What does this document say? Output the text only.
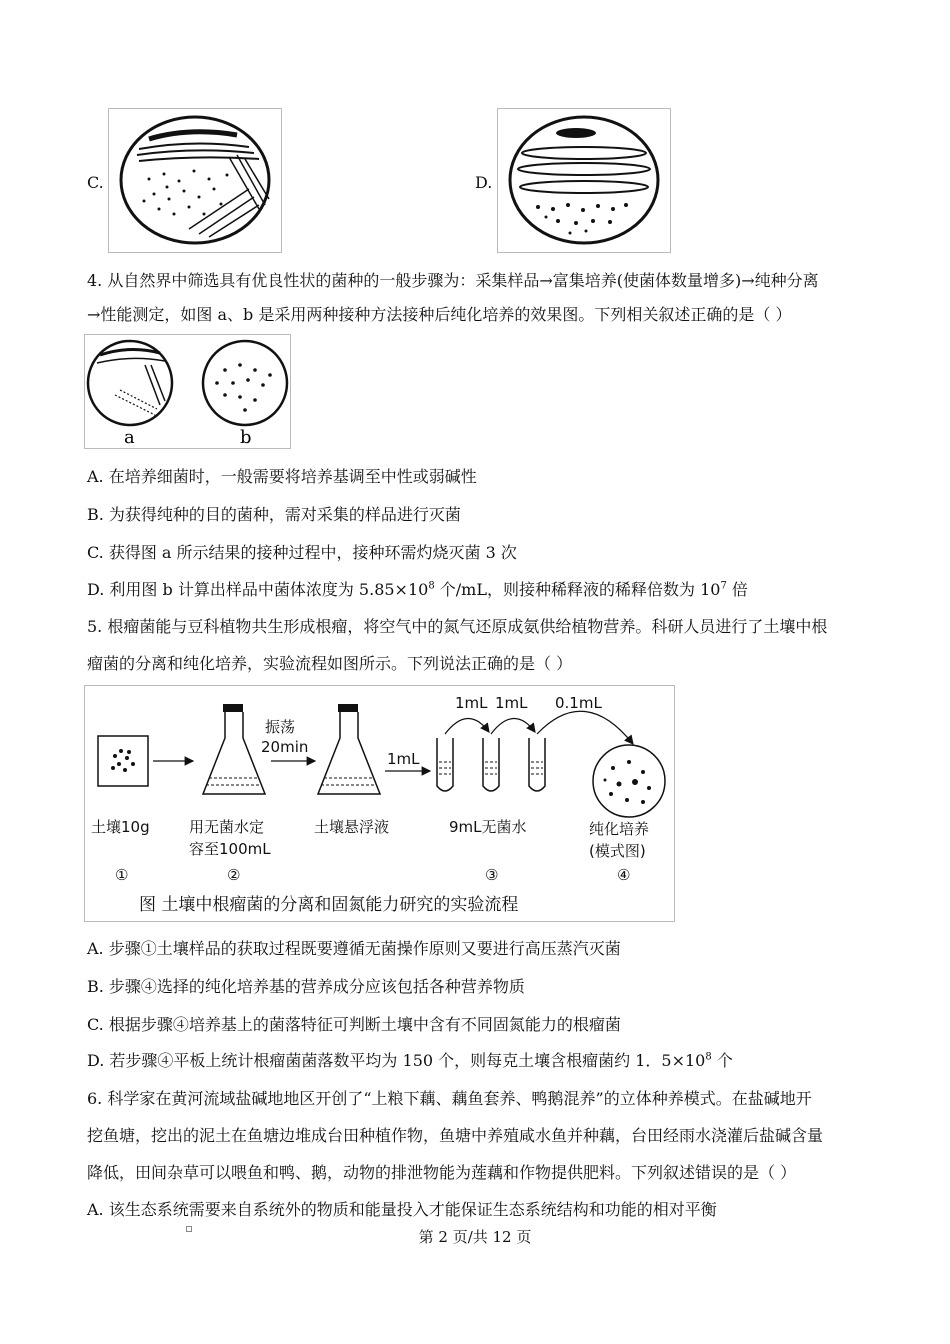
C.	D.
4. 从自然界中筛选具有优良性状的菌种的一般步骤为：采集样品→富集培养(使菌体数量增多)→纯种分离
→性能测定，如图 a、b 是采用两种接种方法接种后纯化培养的效果图。下列相关叙述正确的是（ ）
a	b
A. 在培养细菌时，一般需要将培养基调至中性或弱碱性
B. 为获得纯种的目的菌种，需对采集的样品进行灭菌
C. 获得图 a 所示结果的接种过程中，接种环需灼烧灭菌 3 次
D. 利用图 b 计算出样品中菌体浓度为 $5.85\times 10^8$ 个/mL，则接种稀释液的稀释倍数为 $10^7$ 倍
5. 根瘤菌能与豆科植物共生形成根瘤，将空气中的氮气还原成氨供给植物营养。科研人员进行了土壤中根
瘤菌的分离和纯化培养，实验流程如图所示。下列说法正确的是（ ）
土壤10g	用无菌水定
容至100mL
振荡
20min
1mL
土壤悬浮液
1mL 1mL 0.1mL
9mL无菌水	纯化培养
(模式图)
①	②	③	④
图 土壤中根瘤菌的分离和固氮能力研究的实验流程
A. 步骤①土壤样品的获取过程既要遵循无菌操作原则又要进行高压蒸汽灭菌
B. 步骤④选择的纯化培养基的营养成分应该包括各种营养物质
C. 根据步骤④培养基上的菌落特征可判断土壤中含有不同固氮能力的根瘤菌
D. 若步骤④平板上统计根瘤菌菌落数平均为 150 个，则每克土壤含根瘤菌约 1．$5\times 10^8$ 个
6. 科学家在黄河流域盐碱地地区开创了“上粮下藕、藕鱼套养、鸭鹅混养”的立体种养模式。在盐碱地开
挖鱼塘，挖出的泥土在鱼塘边堆成台田种植作物，鱼塘中养殖咸水鱼并种藕，台田经雨水浇灌后盐碱含量
降低，田间杂草可以喂鱼和鸭、鹅，动物的排泄物能为莲藕和作物提供肥料。下列叙述错误的是（ ）
A. 该生态系统需要来自系统外的物质和能量投入才能保证生态系统结构和功能的相对平衡
第 2 页/共 12 页
